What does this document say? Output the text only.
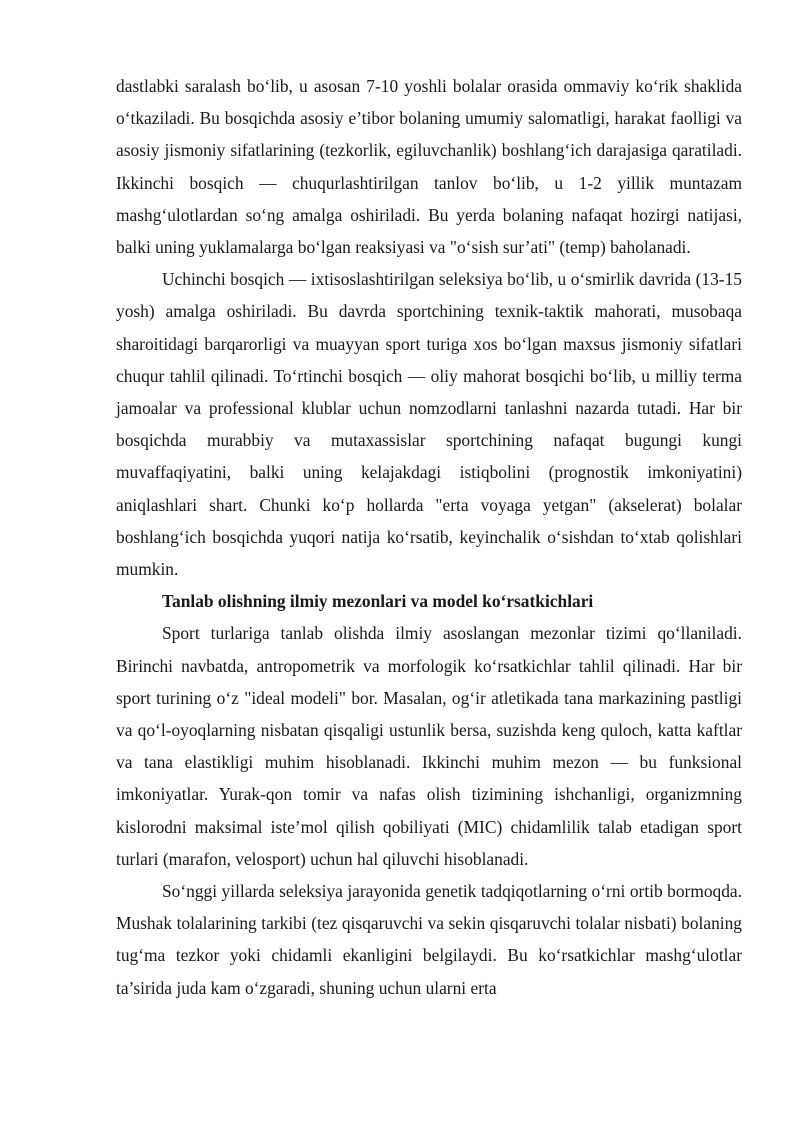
dastlabki saralash bo‘lib, u asosan 7-10 yoshli bolalar orasida ommaviy ko‘rik shaklida o‘tkaziladi. Bu bosqichda asosiy e’tibor bolaning umumiy salomatligi, harakat faolligi va asosiy jismoniy sifatlarining (tezkorlik, egiluvchanlik) boshlang‘ich darajasiga qaratiladi. Ikkinchi bosqich — chuqurlashtirilgan tanlov bo‘lib, u 1-2 yillik muntazam mashg‘ulotlardan so‘ng amalga oshiriladi. Bu yerda bolaning nafaqat hozirgi natijasi, balki uning yuklamalarga bo‘lgan reaksiyasi va "o‘sish sur’ati" (temp) baholanadi.

Uchinchi bosqich — ixtisoslashtirilgan seleksiya bo‘lib, u o‘smirlik davrida (13-15 yosh) amalga oshiriladi. Bu davrda sportchining texnik-taktik mahorati, musobaqa sharoitidagi barqarorligi va muayyan sport turiga xos bo‘lgan maxsus jismoniy sifatlari chuqur tahlil qilinadi. To‘rtinchi bosqich — oliy mahorat bosqichi bo‘lib, u milliy terma jamoalar va professional klublar uchun nomzodlarni tanlashni nazarda tutadi. Har bir bosqichda murabbiy va mutaxassislar sportchining nafaqat bugungi kungi muvaffaqiyatini, balki uning kelajakdagi istiqbolini (prognostik imkoniyatini) aniqlashlari shart. Chunki ko‘p hollarda "erta voyaga yetgan" (akselerat) bolalar boshlang‘ich bosqichda yuqori natija ko‘rsatib, keyinchalik o‘sishdan to‘xtab qolishlari mumkin.

Tanlab olishning ilmiy mezonlari va model ko‘rsatkichlari

Sport turlariga tanlab olishda ilmiy asoslangan mezonlar tizimi qo‘llaniladi. Birinchi navbatda, antropometrik va morfologik ko‘rsatkichlar tahlil qilinadi. Har bir sport turining o‘z "ideal modeli" bor. Masalan, og‘ir atletikada tana markazining pastligi va qo‘l-oyoqlarning nisbatan qisqaligi ustunlik bersa, suzishda keng quloch, katta kaftlar va tana elastikligi muhim hisoblanadi. Ikkinchi muhim mezon — bu funksional imkoniyatlar. Yurak-qon tomir va nafas olish tizimining ishchanligi, organizmning kislorodni maksimal iste’mol qilish qobiliyati (MIC) chidamlilik talab etadigan sport turlari (marafon, velosport) uchun hal qiluvchi hisoblanadi.

So‘nggi yillarda seleksiya jarayonida genetik tadqiqotlarning o‘rni ortib bormoqda. Mushak tolalarining tarkibi (tez qisqaruvchi va sekin qisqaruvchi tolalar nisbati) bolaning tug‘ma tezkor yoki chidamli ekanligini belgilaydi. Bu ko‘rsatkichlar mashg‘ulotlar ta’sirida juda kam o‘zgaradi, shuning uchun ularni erta
